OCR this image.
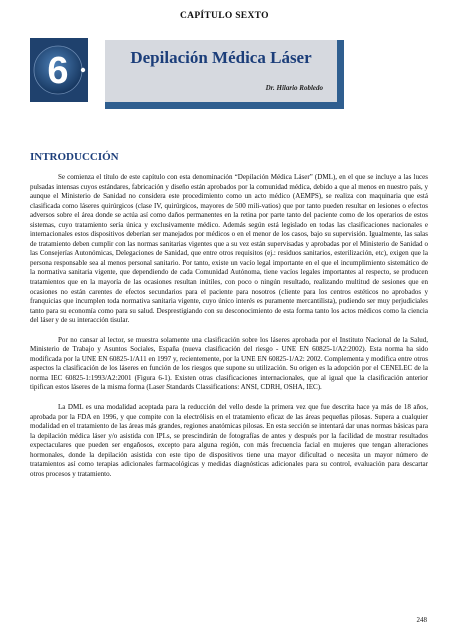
CAPÍTULO SEXTO
6	Depilación Médica Láser
Dr. Hilario Robledo
INTRODUCCIÓN

Se comienza el título de este capítulo con esta denominación “Depilación Médica Láser” (DML), en el que se incluye a las luces pulsadas intensas cuyos estándares, fabricación y diseño están aprobados por la comunidad médica, debido a que al menos en nuestro país, y aunque el Ministerio de Sanidad no considera este procedimiento como un acto médico (AEMPS), se realiza con maquinaria que está clasificada como láseres quirúrgicos (clase IV, quirúrgicos, mayores de 500 mili-vatios) que por tanto pueden resultar en lesiones o efectos adversos sobre el área donde se actúa así como daños permanentes en la retina por parte tanto del paciente como de los operarios de estos sistemas, cuyo tratamiento sería única y exclusivamente médico. Además según está legislado en todas las clasificaciones nacionales e internacionales estos dispositivos deberían ser manejados por médicos o en el menor de los casos, bajo su supervisión. Igualmente, las salas de tratamiento deben cumplir con las normas sanitarias vigentes que a su vez están supervisadas y aprobadas por el Ministerio de Sanidad o las Consejerías Autonómicas, Delegaciones de Sanidad, que entre otros requisitos (ej.: residuos sanitarios, esterilización, etc), exigen que la persona responsable sea al menos personal sanitario. Por tanto, existe un vacío legal importante en el que el incumplimiento sistemático de la normativa sanitaria vigente, que dependiendo de cada Comunidad Autónoma, tiene vacíos legales importantes al respecto, se producen tratamientos que en la mayoría de las ocasiones resultan inútiles, con poco o ningún resultado, realizando multitud de sesiones que en ocasiones no están carentes de efectos secundarios para el paciente para nosotros (cliente para los centros estéticos no aprobados y franquicias que incumplen toda normativa sanitaria vigente, cuyo único interés es puramente mercantilista), pudiendo ser muy perjudiciales tanto para su economía como para su salud. Desprestigiando con su desconocimiento de esta forma tanto los actos médicos como la ciencia del láser y de su interacción tisular.

Por no cansar al lector, se muestra solamente una clasificación sobre los láseres aprobada por el Instituto Nacional de la Salud, Ministerio de Trabajo y Asuntos Sociales, España (nueva clasificación del riesgo - UNE EN 60825-1/A2:2002). Esta norma ha sido modificada por la UNE EN 60825-1/A11 en 1997 y, recientemente, por la UNE EN 60825-1/A2: 2002. Complementa y modifica entre otros aspectos la clasificación de los láseres en función de los riesgos que supone su utilización. Su origen es la adopción por el CENELEC de la norma IEC 60825-1:1993/A2:2001 (Figura 6-1). Existen otras clasificaciones internacionales, que al igual que la clasificación anterior tipifican estos láseres de la misma forma (Laser Standards Classifications: ANSI, CDRH, OSHA, IEC).

La DML es una modalidad aceptada para la reducción del vello desde la primera vez que fue descrita hace ya más de 18 años, aprobada por la FDA en 1996, y que compite con la electrólisis en el tratamiento eficaz de las áreas pequeñas pilosas. Supera a cualquier modalidad en el tratamiento de las áreas más grandes, regiones anatómicas pilosas. En esta sección se intentará dar unas normas básicas para la depilación médica láser y/o asistida con IPLs, se prescindirán de fotografías de antes y después por la facilidad de mostrar resultados expectaculares que pueden ser engañosos, excepto para alguna región, con más frecuencia facial en mujeres que tengan alteraciones hormonales, donde la depilación asistida con este tipo de dispositivos tiene una mayor dificultad o necesita un mayor número de tratamientos así como terapias adicionales farmacológicas y medidas diagnósticas adicionales para su control, evaluación para descartar otros procesos y tratamiento.

248
